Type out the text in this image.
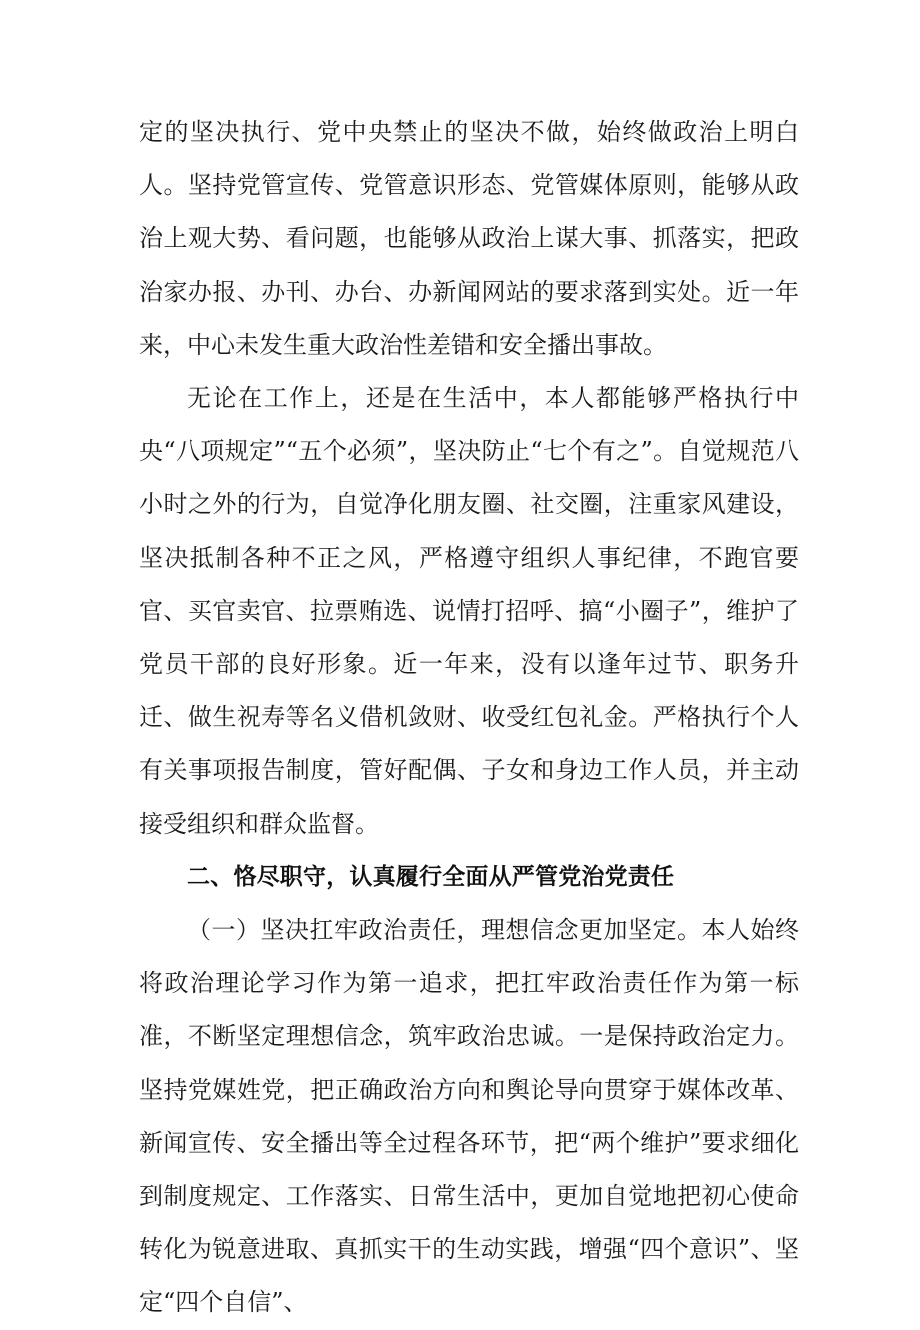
定的坚决执行、党中央禁止的坚决不做，始终做政治上明白人。坚持党管宣传、党管意识形态、党管媒体原则，能够从政治上观大势、看问题，也能够从政治上谋大事、抓落实，把政治家办报、办刊、办台、办新闻网站的要求落到实处。近一年来，中心未发生重大政治性差错和安全播出事故。

无论在工作上，还是在生活中，本人都能够严格执行中央“八项规定”“五个必须”，坚决防止“七个有之”。自觉规范八小时之外的行为，自觉净化朋友圈、社交圈，注重家风建设，坚决抵制各种不正之风，严格遵守组织人事纪律，不跑官要官、买官卖官、拉票贿选、说情打招呼、搞“小圈子”，维护了党员干部的良好形象。近一年来，没有以逢年过节、职务升迁、做生祝寿等名义借机敛财、收受红包礼金。严格执行个人有关事项报告制度，管好配偶、子女和身边工作人员，并主动接受组织和群众监督。

二、恪尽职守，认真履行全面从严管党治党责任

（一）坚决扛牢政治责任，理想信念更加坚定。本人始终将政治理论学习作为第一追求，把扛牢政治责任作为第一标准，不断坚定理想信念，筑牢政治忠诚。一是保持政治定力。坚持党媒姓党，把正确政治方向和舆论导向贯穿于媒体改革、新闻宣传、安全播出等全过程各环节，把“两个维护”要求细化到制度规定、工作落实、日常生活中，更加自觉地把初心使命转化为锐意进取、真抓实干的生动实践，增强“四个意识”、坚定“四个自信”、
